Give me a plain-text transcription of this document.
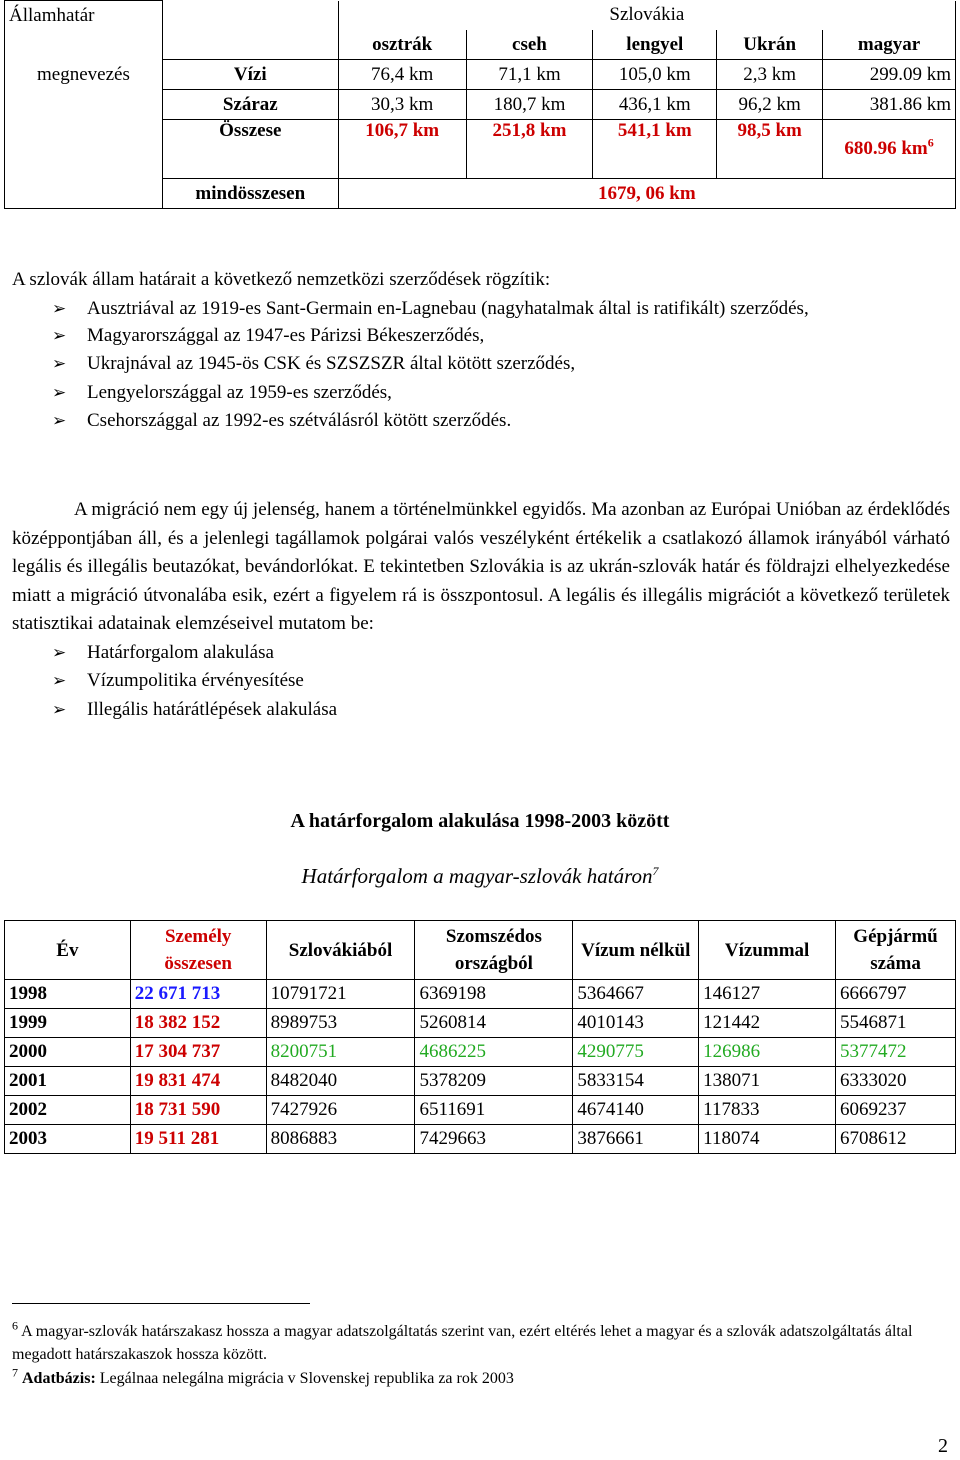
Államhatár		Szlovákia				
		osztrák	cseh	lengyel	Ukrán	magyar
megnevezés	Vízi	76,4 km	71,1 km	105,0 km	2,3 km	299.09 km
	Száraz	30,3 km	180,7 km	436,1 km	96,2 km	381.86 km
	Összese	106,7 km	251,8 km	541,1 km	98,5 km	680.96 $km^6$
	mindösszesen	1679, 06 km				
A szlovák állam határait a következő nemzetközi szerződések rögzítik:
➢ Ausztriával az 1919-es Sant-Germain en-Lagnebau (nagyhatalmak által is ratifikált) szerződés,
➢ Magyarországgal az 1947-es Párizsi Békeszerződés,
➢ Ukrajnával az 1945-ös CSK és SZSZSZR által kötött szerződés,
➢ Lengyelországgal az 1959-es szerződés,
➢ Csehországgal az 1992-es szétválásról kötött szerződés.
A migráció nem egy új jelenség, hanem a történelmünkkel egyidős. Ma azonban az Európai Unióban az érdeklődés középpontjában áll, és a jelenlegi tagállamok polgárai valós veszélyként értékelik a csatlakozó államok irányából várható legális és illegális beutazókat, bevándorlókat. E tekintetben Szlovákia is az ukrán-szlovák határ és földrajzi elhelyezkedése miatt a migráció útvonalába esik, ezért a figyelem rá is összpontosul. A legális és illegális migrációt a következő területek statisztikai adatainak elemzéseivel mutatom be:
➢ Határforgalom alakulása
➢ Vízumpolitika érvényesítése
➢ Illegális határátlépések alakulása
A határforgalom alakulása 1998-2003 között
Határforgalom a magyar-szlovák határon$^7$
Év	Személy összesen	Szlovákiából	Szomszédos országból	Vízum nélkül	Vízummal	Gépjármű száma
1998	22 671 713	10791721	6369198	5364667	146127	6666797
1999	18 382 152	8989753	5260814	4010143	121442	5546871
2000	17 304 737	8200751	4686225	4290775	126986	5377472
2001	19 831 474	8482040	5378209	5833154	138071	6333020
2002	18 731 590	7427926	6511691	4674140	117833	6069237
2003	19 511 281	8086883	7429663	3876661	118074	6708612
$^6$ A magyar-szlovák határszakasz hossza a magyar adatszolgáltatás szerint van, ezért eltérés lehet a magyar és a szlovák adatszolgáltatás által megadott határszakaszok hossza között.
$^7$ Adatbázis: Legálnaa nelegálna migrácia v Slovenskej republika za rok 2003
2
